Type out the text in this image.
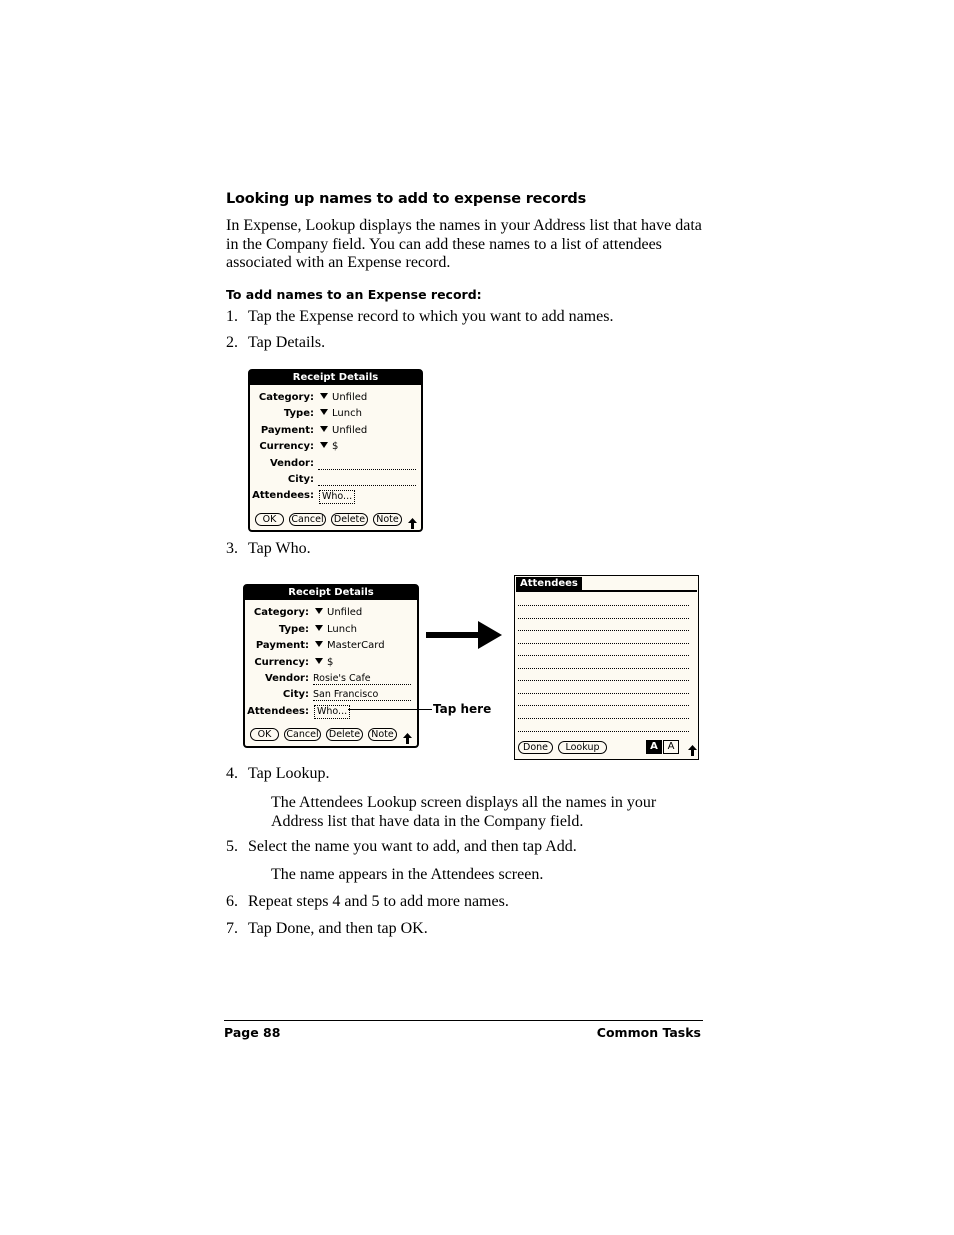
Looking up names to add to expense records
In Expense, Lookup displays the names in your Address list that have data in the Company field. You can add these names to a list of attendees associated with an Expense record.
To add names to an Expense record:
1. Tap the Expense record to which you want to add names.
2. Tap Details.
Receipt Details
Category:	Unfiled
Type:	Lunch
Payment:	Unfiled
Currency:	$
Vendor:
City:
Attendees: Who...
OK	Cancel	Delete	Note
3. Tap Who.
Receipt Details
Category:	Unfiled
Type:	Lunch
Payment:	MasterCard
Currency:	$
Vendor: Rosie's Cafe
City: San Francisco
Attendees: Who...
OK	Cancel	Delete	Note
Tap here
Attendees
Done	Lookup	A A
4. Tap Lookup.
The Attendees Lookup screen displays all the names in your Address list that have data in the Company field.
5. Select the name you want to add, and then tap Add.
The name appears in the Attendees screen.
6. Repeat steps 4 and 5 to add more names.
7. Tap Done, and then tap OK.
Page 88	Common Tasks
